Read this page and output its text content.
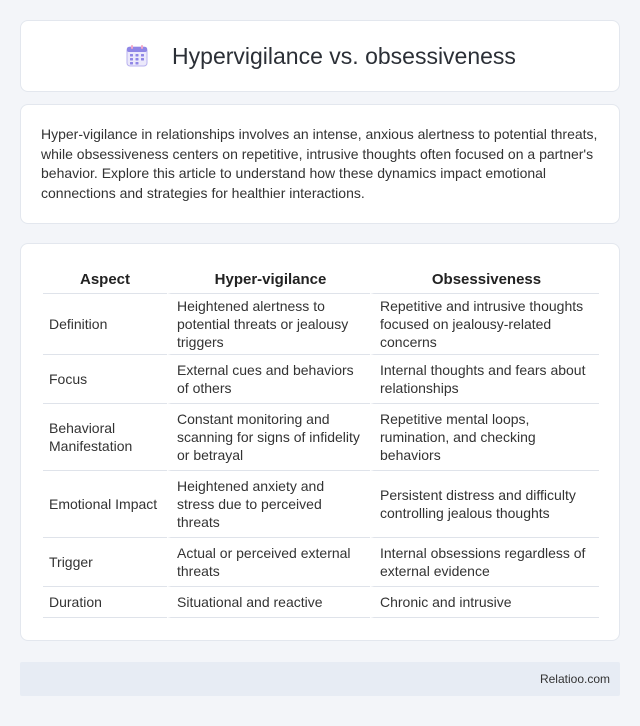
Hypervigilance vs. obsessiveness

Hyper-vigilance in relationships involves an intense, anxious alertness to potential threats, while obsessiveness centers on repetitive, intrusive thoughts often focused on a partner's behavior. Explore this article to understand how these dynamics impact emotional connections and strategies for healthier interactions.

Aspect	Hyper-vigilance	Obsessiveness
Definition	Heightened alertness to potential threats or jealousy triggers	Repetitive and intrusive thoughts focused on jealousy-related concerns
Focus	External cues and behaviors of others	Internal thoughts and fears about relationships
Behavioral Manifestation	Constant monitoring and scanning for signs of infidelity or betrayal	Repetitive mental loops, rumination, and checking behaviors
Emotional Impact	Heightened anxiety and stress due to perceived threats	Persistent distress and difficulty controlling jealous thoughts
Trigger	Actual or perceived external threats	Internal obsessions regardless of external evidence
Duration	Situational and reactive	Chronic and intrusive
Relatioo.com
